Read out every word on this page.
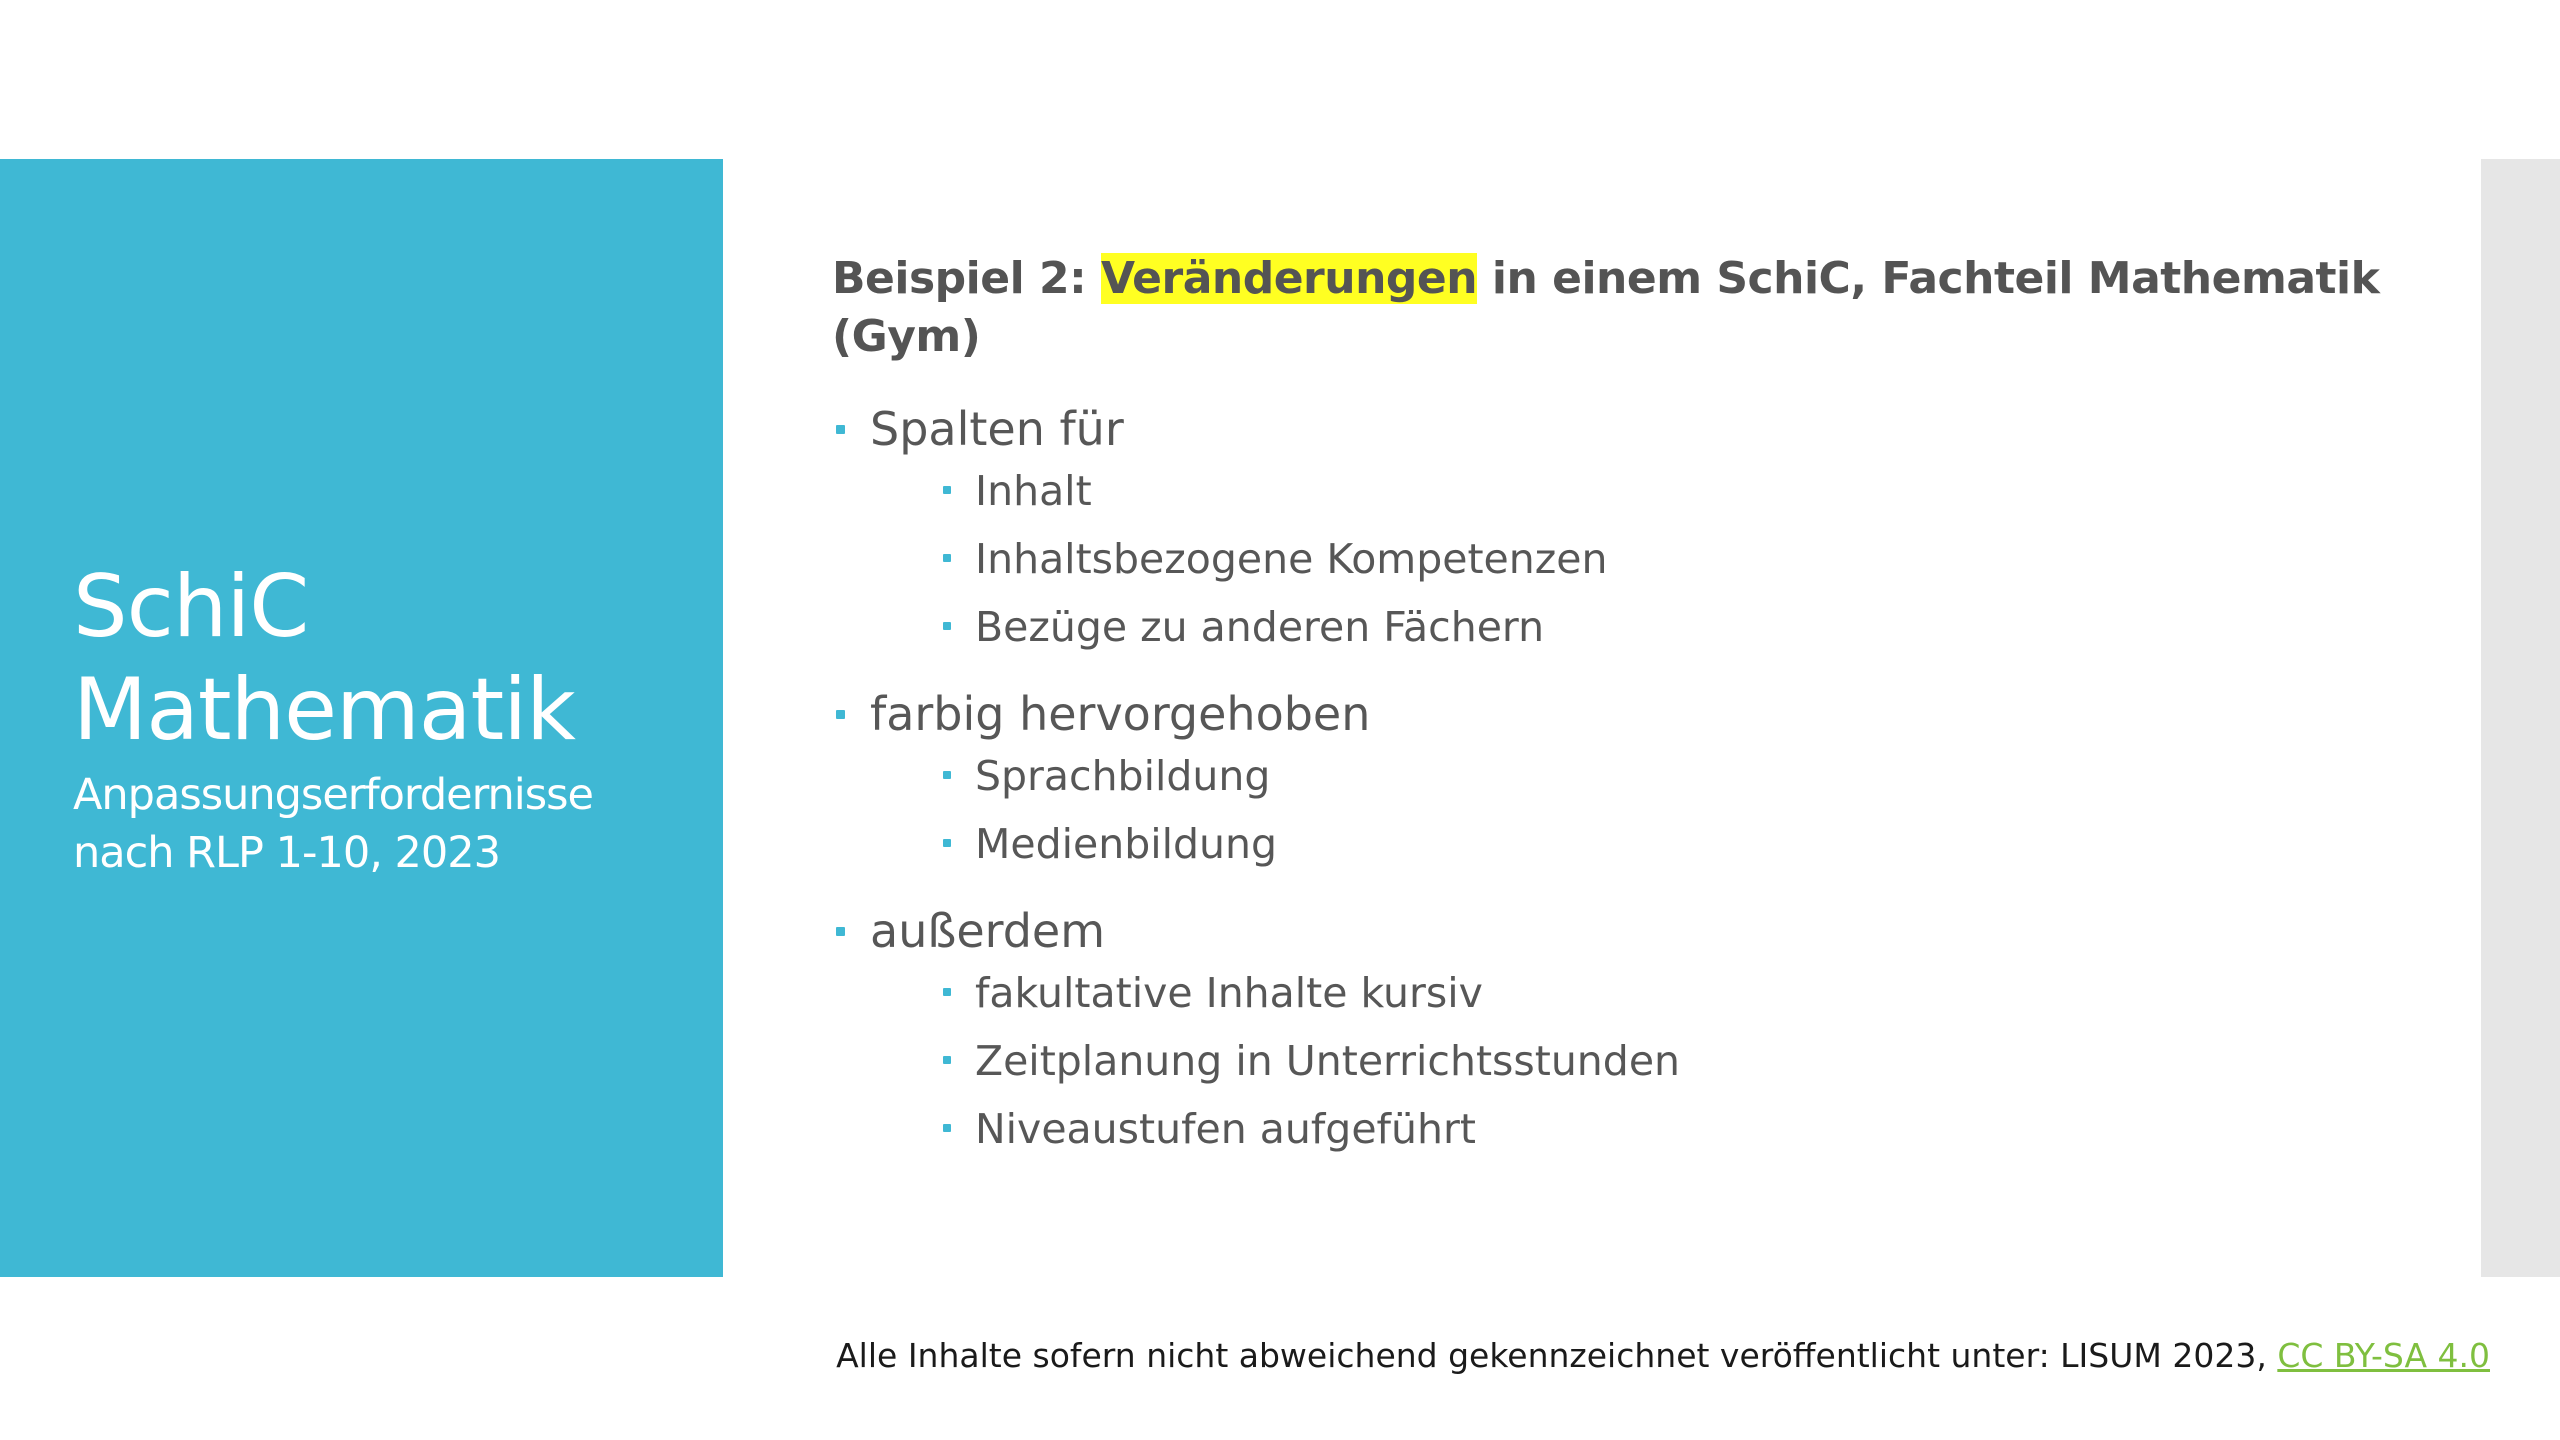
SchiC
Mathematik
Anpassungserfordernisse
nach RLP 1-10, 2023
Beispiel 2: Veränderungen in einem SchiC, Fachteil Mathematik (Gym)
Spalten für
Inhalt
Inhaltsbezogene Kompetenzen
Bezüge zu anderen Fächern
farbig hervorgehoben
Sprachbildung
Medienbildung
außerdem
fakultative Inhalte kursiv
Zeitplanung in Unterrichtsstunden
Niveaustufen aufgeführt
Alle Inhalte sofern nicht abweichend gekennzeichnet veröffentlicht unter: LISUM 2023, CC BY-SA 4.0
